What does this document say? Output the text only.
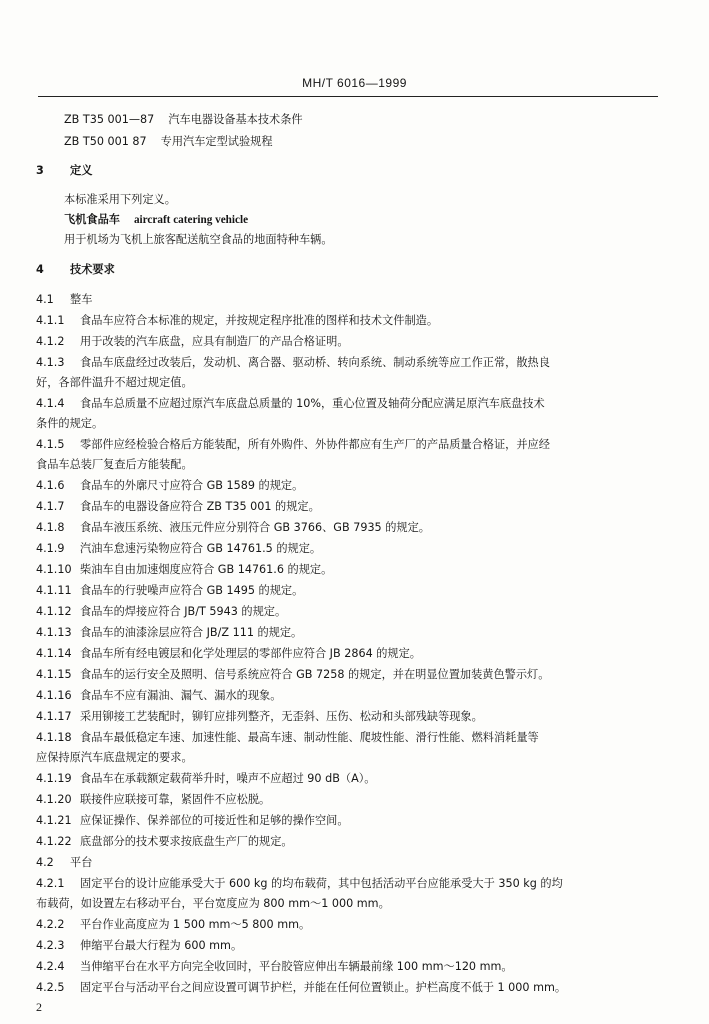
MH/T 6016—1999
ZB T35 001—87 汽车电器设备基本技术条件
ZB T50 001 87 专用汽车定型试验规程
3 定义
本标准采用下列定义。
飞机食品车 aircraft catering vehicle
用于机场为飞机上旅客配送航空食品的地面特种车辆。
4 技术要求
4.1 整车
4.1.1 食品车应符合本标准的规定，并按规定程序批准的图样和技术文件制造。
4.1.2 用于改装的汽车底盘，应具有制造厂的产品合格证明。
4.1.3 食品车底盘经过改装后，发动机、离合器、驱动桥、转向系统、制动系统等应工作正常，散热良
好，各部件温升不超过规定值。
4.1.4 食品车总质量不应超过原汽车底盘总质量的 10%，重心位置及轴荷分配应满足原汽车底盘技术
条件的规定。
4.1.5 零部件应经检验合格后方能装配，所有外购件、外协件都应有生产厂的产品质量合格证，并应经
食品车总装厂复查后方能装配。
4.1.6 食品车的外廓尺寸应符合 GB 1589 的规定。
4.1.7 食品车的电器设备应符合 ZB T35 001 的规定。
4.1.8 食品车液压系统、液压元件应分别符合 GB 3766、GB 7935 的规定。
4.1.9 汽油车怠速污染物应符合 GB 14761.5 的规定。
4.1.10 柴油车自由加速烟度应符合 GB 14761.6 的规定。
4.1.11 食品车的行驶噪声应符合 GB 1495 的规定。
4.1.12 食品车的焊接应符合 JB/T 5943 的规定。
4.1.13 食品车的油漆涂层应符合 JB/Z 111 的规定。
4.1.14 食品车所有经电镀层和化学处理层的零部件应符合 JB 2864 的规定。
4.1.15 食品车的运行安全及照明、信号系统应符合 GB 7258 的规定，并在明显位置加装黄色警示灯。
4.1.16 食品车不应有漏油、漏气、漏水的现象。
4.1.17 采用铆接工艺装配时，铆钉应排列整齐，无歪斜、压伤、松动和头部残缺等现象。
4.1.18 食品车最低稳定车速、加速性能、最高车速、制动性能、爬坡性能、滑行性能、燃料消耗量等
应保持原汽车底盘规定的要求。
4.1.19 食品车在承载额定载荷举升时，噪声不应超过 90 dB（A）。
4.1.20 联接件应联接可靠，紧固件不应松脱。
4.1.21 应保证操作、保养部位的可接近性和足够的操作空间。
4.1.22 底盘部分的技术要求按底盘生产厂的规定。
4.2 平台
4.2.1 固定平台的设计应能承受大于 600 kg 的均布载荷，其中包括活动平台应能承受大于 350 kg 的均
布载荷，如设置左右移动平台，平台宽度应为 800 mm～1 000 mm。
4.2.2 平台作业高度应为 1 500 mm～5 800 mm。
4.2.3 伸缩平台最大行程为 600 mm。
4.2.4 当伸缩平台在水平方向完全收回时，平台胶管应伸出车辆最前缘 100 mm～120 mm。
固定平台与活动平台之间应设置可调节护栏，并能在任何位置锁止。护栏高度不低于 1 000 mm。
4.2.5
2
